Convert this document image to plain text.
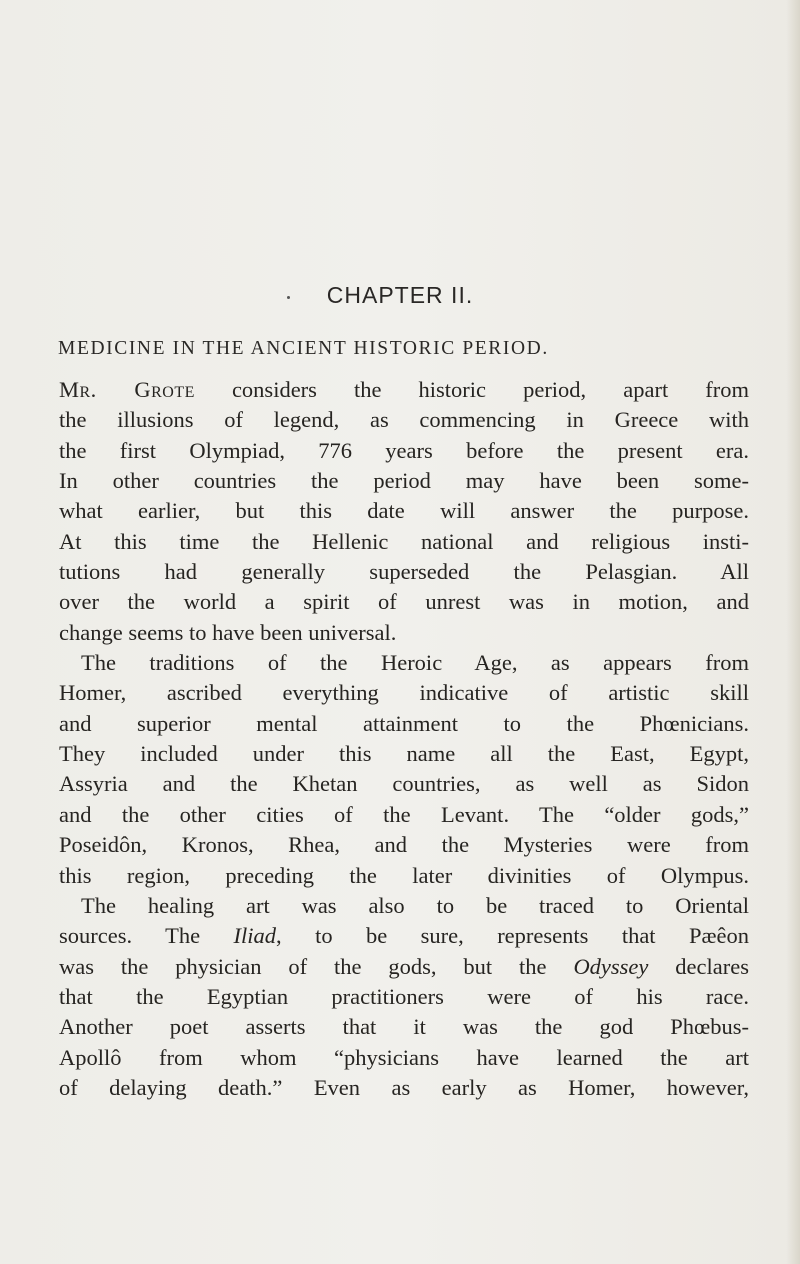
CHAPTER II.
MEDICINE IN THE ANCIENT HISTORIC PERIOD.
Mr. Grote considers the historic period, apart from
the illusions of legend, as commencing in Greece with
the first Olympiad, 776 years before the present era.
In other countries the period may have been some-
what earlier, but this date will answer the purpose.
At this time the Hellenic national and religious insti-
tutions had generally superseded the Pelasgian. All
over the world a spirit of unrest was in motion, and
change seems to have been universal.
The traditions of the Heroic Age, as appears from
Homer, ascribed everything indicative of artistic skill
and superior mental attainment to the Phœnicians.
They included under this name all the East, Egypt,
Assyria and the Khetan countries, as well as Sidon
and the other cities of the Levant. The “older gods,”
Poseidôn, Kronos, Rhea, and the Mysteries were from
this region, preceding the later divinities of Olympus.
The healing art was also to be traced to Oriental
sources. The Iliad, to be sure, represents that Pæêon
was the physician of the gods, but the Odyssey declares
that the Egyptian practitioners were of his race.
Another poet asserts that it was the god Phœbus-
Apollô from whom “physicians have learned the art
of delaying death.” Even as early as Homer, however,
